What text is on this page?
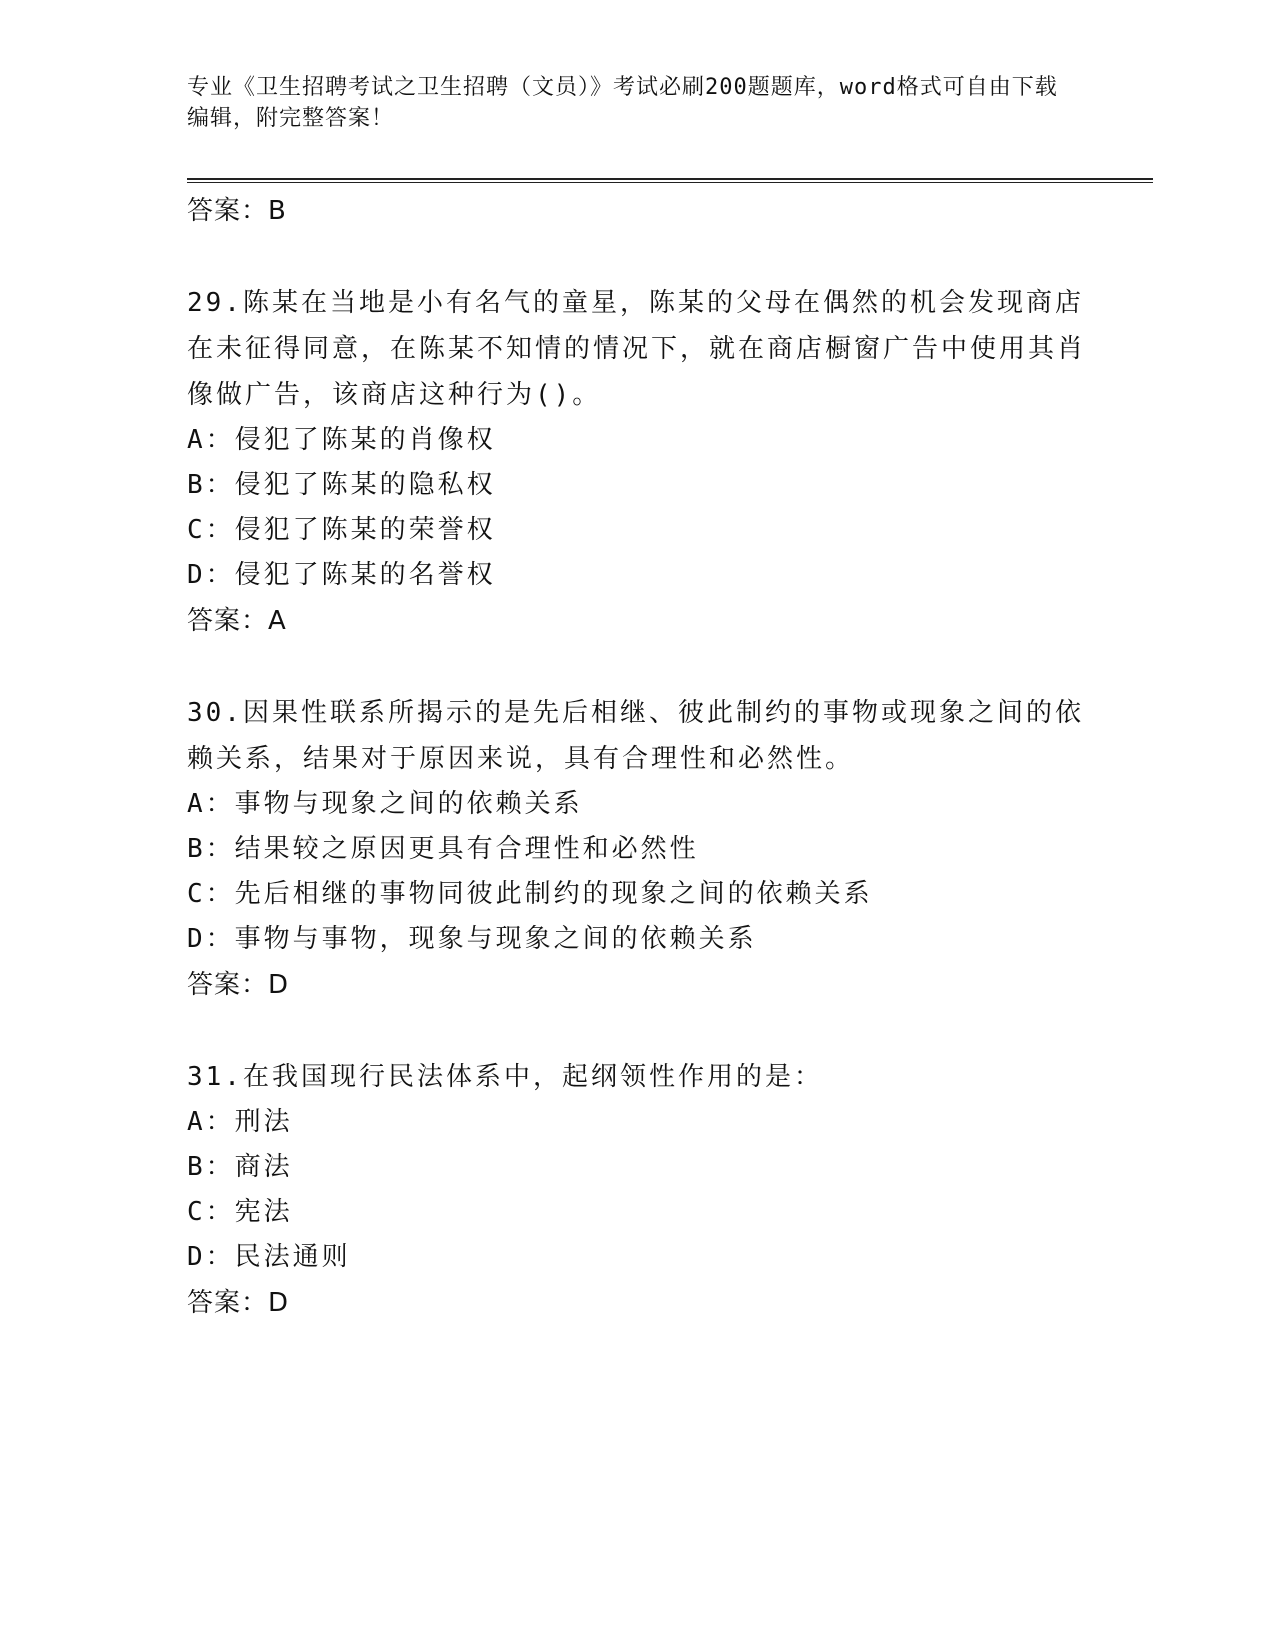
专业《卫生招聘考试之卫生招聘（文员）》考试必刷200题题库，word格式可自由下载编辑，附完整答案！
答案：B
29.陈某在当地是小有名气的童星，陈某的父母在偶然的机会发现商店在未征得同意，在陈某不知情的情况下，就在商店橱窗广告中使用其肖像做广告，该商店这种行为()。
A：侵犯了陈某的肖像权
B：侵犯了陈某的隐私权
C：侵犯了陈某的荣誉权
D：侵犯了陈某的名誉权
答案：A
30.因果性联系所揭示的是先后相继、彼此制约的事物或现象之间的依赖关系，结果对于原因来说，具有合理性和必然性。
A：事物与现象之间的依赖关系
B：结果较之原因更具有合理性和必然性
C：先后相继的事物同彼此制约的现象之间的依赖关系
D：事物与事物，现象与现象之间的依赖关系
答案：D
31.在我国现行民法体系中，起纲领性作用的是：
A：刑法
B：商法
C：宪法
D：民法通则
答案：D
